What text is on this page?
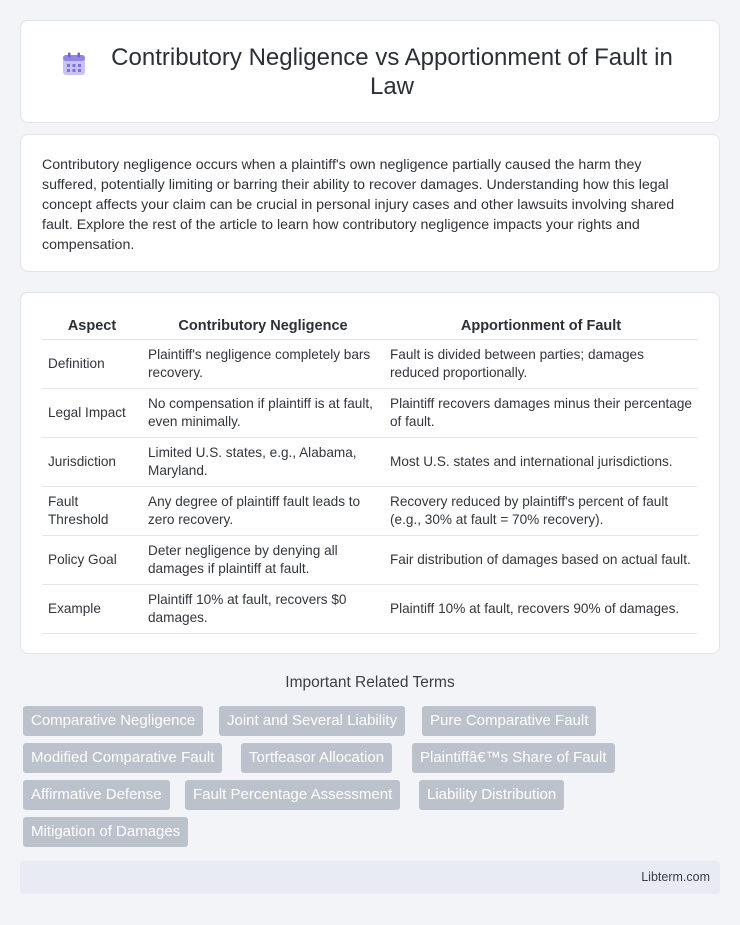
Contributory Negligence vs Apportionment of Fault in Law

Contributory negligence occurs when a plaintiff's own negligence partially caused the harm they suffered, potentially limiting or barring their ability to recover damages. Understanding how this legal concept affects your claim can be crucial in personal injury cases and other lawsuits involving shared fault. Explore the rest of the article to learn how contributory negligence impacts your rights and compensation.

Aspect	Contributory Negligence	Apportionment of Fault
Definition	Plaintiff's negligence completely bars recovery.	Fault is divided between parties; damages reduced proportionally.
Legal Impact	No compensation if plaintiff is at fault, even minimally.	Plaintiff recovers damages minus their percentage of fault.
Jurisdiction	Limited U.S. states, e.g., Alabama, Maryland.	Most U.S. states and international jurisdictions.
Fault Threshold	Any degree of plaintiff fault leads to zero recovery.	Recovery reduced by plaintiff's percent of fault (e.g., 30% at fault = 70% recovery).
Policy Goal	Deter negligence by denying all damages if plaintiff at fault.	Fair distribution of damages based on actual fault.
Example	Plaintiff 10% at fault, recovers $0 damages.	Plaintiff 10% at fault, recovers 90% of damages.
Important Related Terms
Comparative Negligence	Joint and Several Liability	Pure Comparative Fault
Modified Comparative Fault	Tortfeasor Allocation	Plaintiffâ€™s Share of Fault
Affirmative Defense	Fault Percentage Assessment	Liability Distribution
Mitigation of Damages
Libterm.com
